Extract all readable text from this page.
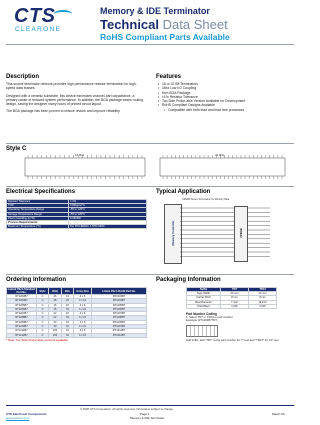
CTS
CLEARONE
Memory & IDE Terminator
Technical Data Sheet
RoHS Compliant Parts Available
Description
This source terminator network provides high performance resistor termination for high-speed data busses.
Designed with a ceramic substrate, this device minimizes channel-part capacitance, a primary cause of reduced system performance. In addition, the BGA package eases routing design, saving the designer many hours of printed circuit layout.
The BGA package has been proven to reduce rework and improve reliability.
Features
• 16 or 32 Bit Terminators
• Ultra Low I/O Coupling
• 6cm BGA Package
• ±1% Resistor Tolerance
• Top Side Probe-able Version Available for Development
• RoHS Compliant Designs Available
• Compatible with both lead and lead free processes
Style C
16 Bits	32 Bits
Electrical Specifications
Resistor Tolerance	± 1%
TCR	±100ppm/°C
Operating Temperature Range	-55 to 125°C
Storage Temperature Range	-55 to 125°C
Power Handling (in W)	0.0625W
Process Requirements:	
Maximum Temperature (°C)	Per IPC/JEDEC J-STD-020C
Typical Application
CPEND Series Termination for Memory Data
Memory Controller	CPBGE
Ordering Information
Lateral Pitch Standard Part No.	Style	R(Ω)	Bits	Array Size	1.0mm Pitch RoHS Part No.
RT1203B7	C	36	16	4 x 6	RT1203B7
RT1204B7	C	36	32	4 x 16	RT1204B7
RT1205B7	C	15	16	4 x 6	RT1205B7
RT1206B7	C	15	32	4 x 16	RT1206B7
RT1207B7	C	22	16	4 x 6	RT1207B7
RT1208B7	C	22	32	4 x 16	RT1208B7
RT1209B7	C	33	16	4 x 6	RT1209B7
RT1210B7	C	33	32	4 x 16	RT1210B7
RT1211B7	C	100	16	4 x 6	RT1211B7
RT1212B7	C	100	32	4 x 16	RT1212B7
* Note: Top Side Probe-able versions available.
Packaging Information
Suffix	TR7	TR13
Tape Width	24 mm	24 mm
Carrier Pitch	8 mm	8 mm
Reel Diameter	7 inch	13 inch
Parts/Reel	1,000	3,000
Part Number Coding
1. Select TR7 or TR13 to part number.
Example: RT1203B7TR7
Add suffix; add "TR7" to the part number for 7" reel and "TR13" for 13" reel.
© 2006 CTS Corporation. All rights reserved. Information subject to change.
CTS Electronic Components
www.ctscorp.com
Page 1
Memory & IDE Terminator
March 06
